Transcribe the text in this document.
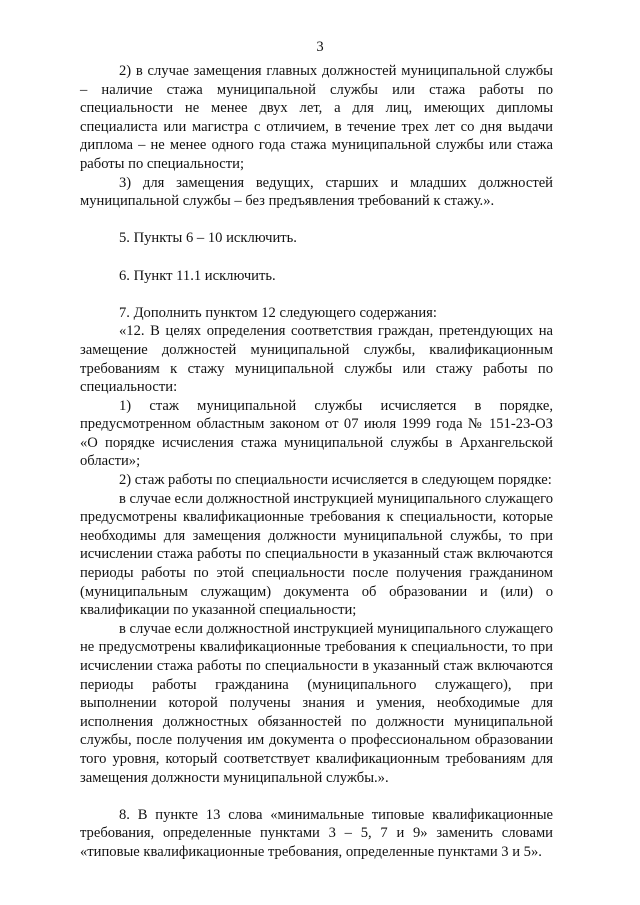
3

2) в случае замещения главных должностей муниципальной службы – наличие стажа муниципальной службы или стажа работы по специальности не менее двух лет, а для лиц, имеющих дипломы специалиста или магистра с отличием, в течение трех лет со дня выдачи диплома – не менее одного года стажа муниципальной службы или стажа работы по специальности;

3) для замещения ведущих, старших и младших должностей муниципальной службы – без предъявления требований к стажу.».

5. Пункты 6 – 10 исключить.

6. Пункт 11.1 исключить.

7. Дополнить пунктом 12 следующего содержания:

«12. В целях определения соответствия граждан, претендующих на замещение должностей муниципальной службы, квалификационным требованиям к стажу муниципальной службы или стажу работы по специальности:

1) стаж муниципальной службы исчисляется в порядке, предусмотренном областным законом от 07 июля 1999 года № 151-23-ОЗ «О порядке исчисления стажа муниципальной службы в Архангельской области»;

2) стаж работы по специальности исчисляется в следующем порядке:

в случае если должностной инструкцией муниципального служащего предусмотрены квалификационные требования к специальности, которые необходимы для замещения должности муниципальной службы, то при исчислении стажа работы по специальности в указанный стаж включаются периоды работы по этой специальности после получения гражданином (муниципальным служащим) документа об образовании и (или) о квалификации по указанной специальности;

в случае если должностной инструкцией муниципального служащего не предусмотрены квалификационные требования к специальности, то при исчислении стажа работы по специальности в указанный стаж включаются периоды работы гражданина (муниципального служащего), при выполнении которой получены знания и умения, необходимые для исполнения должностных обязанностей по должности муниципальной службы, после получения им документа о профессиональном образовании того уровня, который соответствует квалификационным требованиям для замещения должности муниципальной службы.».

8. В пункте 13 слова «минимальные типовые квалификационные требования, определенные пунктами 3 – 5, 7 и 9» заменить словами «типовые квалификационные требования, определенные пунктами 3 и 5».
